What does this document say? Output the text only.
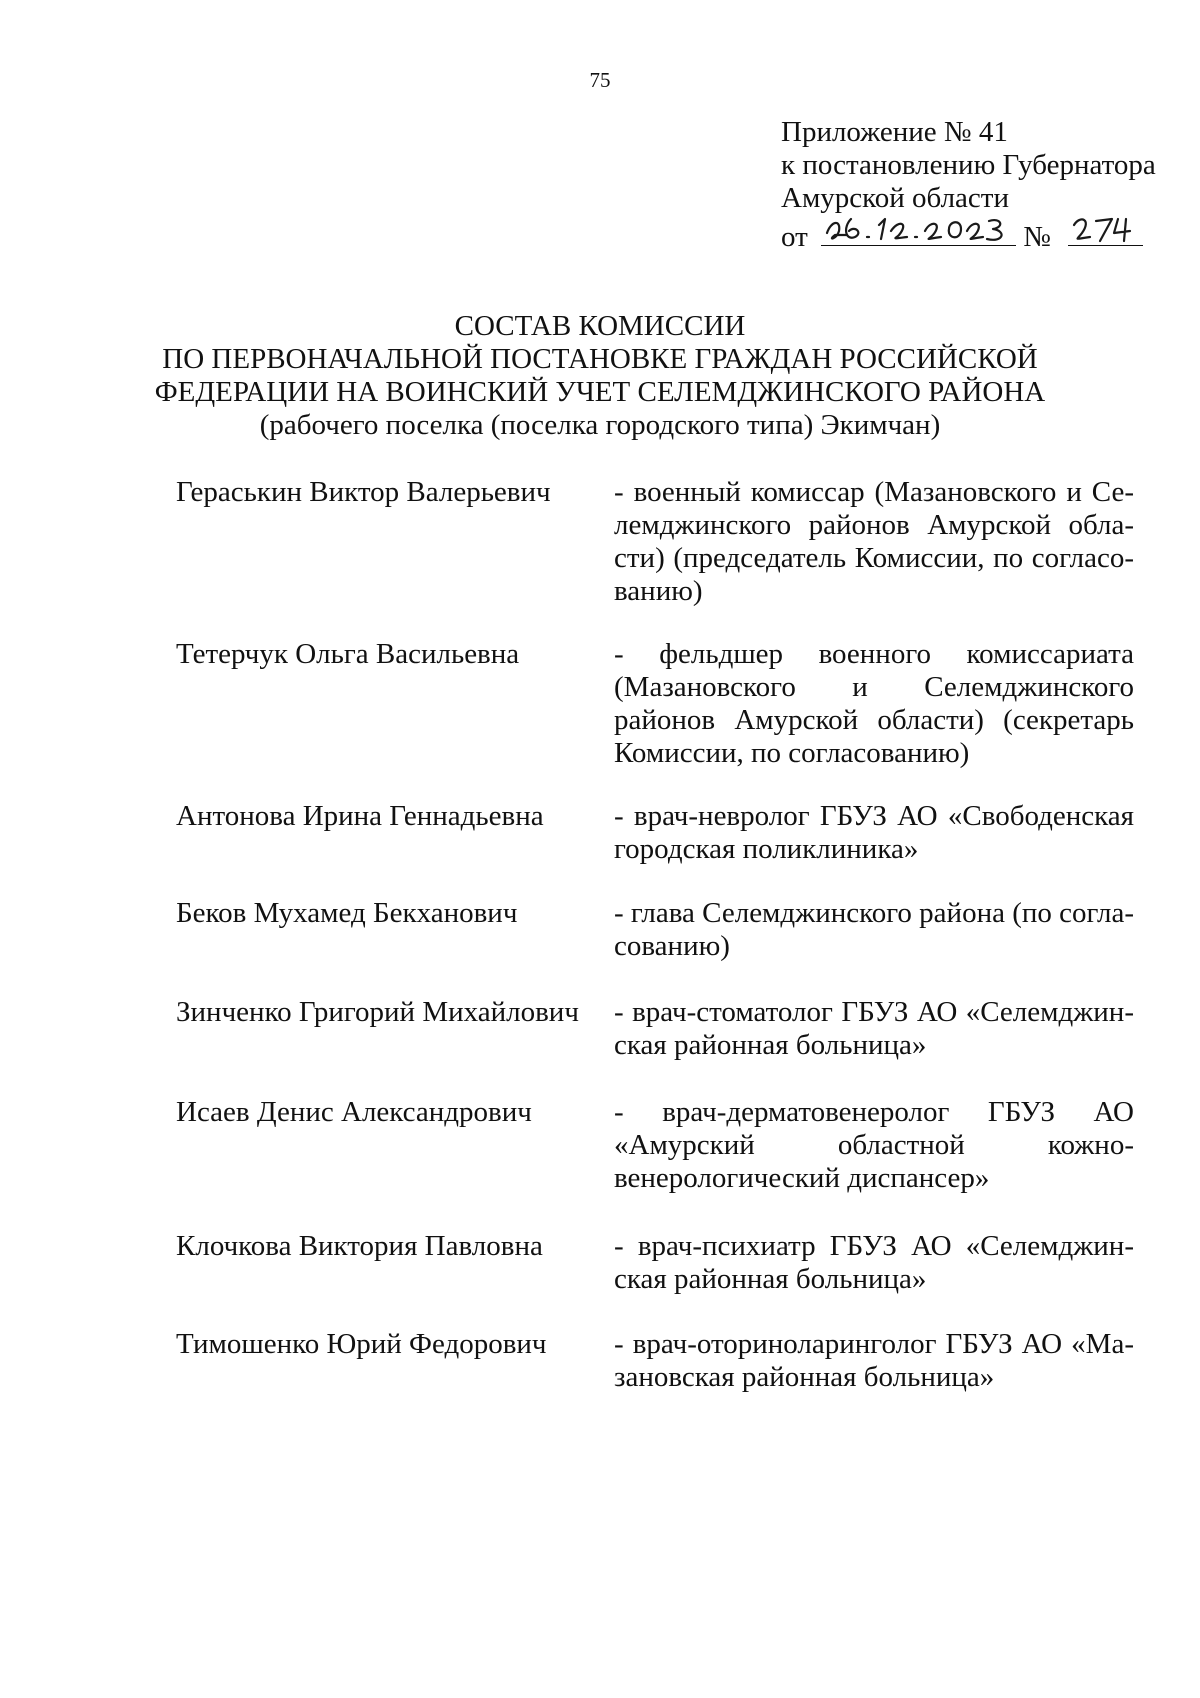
75
Приложение № 41
к постановлению Губернатора
Амурской области
от	№
СОСТАВ КОМИССИИ
ПО ПЕРВОНАЧАЛЬНОЙ ПОСТАНОВКЕ ГРАЖДАН РОССИЙСКОЙ
ФЕДЕРАЦИИ НА ВОИНСКИЙ УЧЕТ СЕЛЕМДЖИНСКОГО РАЙОНА
(рабочего поселка (поселка городского типа) Экимчан)
Гераськин Виктор Валерьевич - военный комиссар (Мазановского и Селемджинского районов Амурской области) (председатель Комиссии, по согласованию)
Тетерчук Ольга Васильевна	- фельдшер военного комиссариата (Мазановского и Селемджинского районов Амурской области) (секретарь Комиссии, по согласованию)
Антонова Ирина Геннадьевна - врач-невролог ГБУЗ АО «Свободенская городская поликлиника»
Беков Мухамед Бекханович	- глава Селемджинского района (по согласованию)
Зинченко Григорий Михайлович - врач-стоматолог ГБУЗ АО «Селемджинская районная больница»
Исаев Денис Александрович	- врач-дерматовенеролог ГБУЗ АО «Амурский областной кожно-венерологический диспансер»
Клочкова Виктория Павловна - врач-психиатр ГБУЗ АО «Селемджинская районная больница»
Тимошенко Юрий Федорович - врач-оториноларинголог ГБУЗ АО «Мазановская районная больница»
